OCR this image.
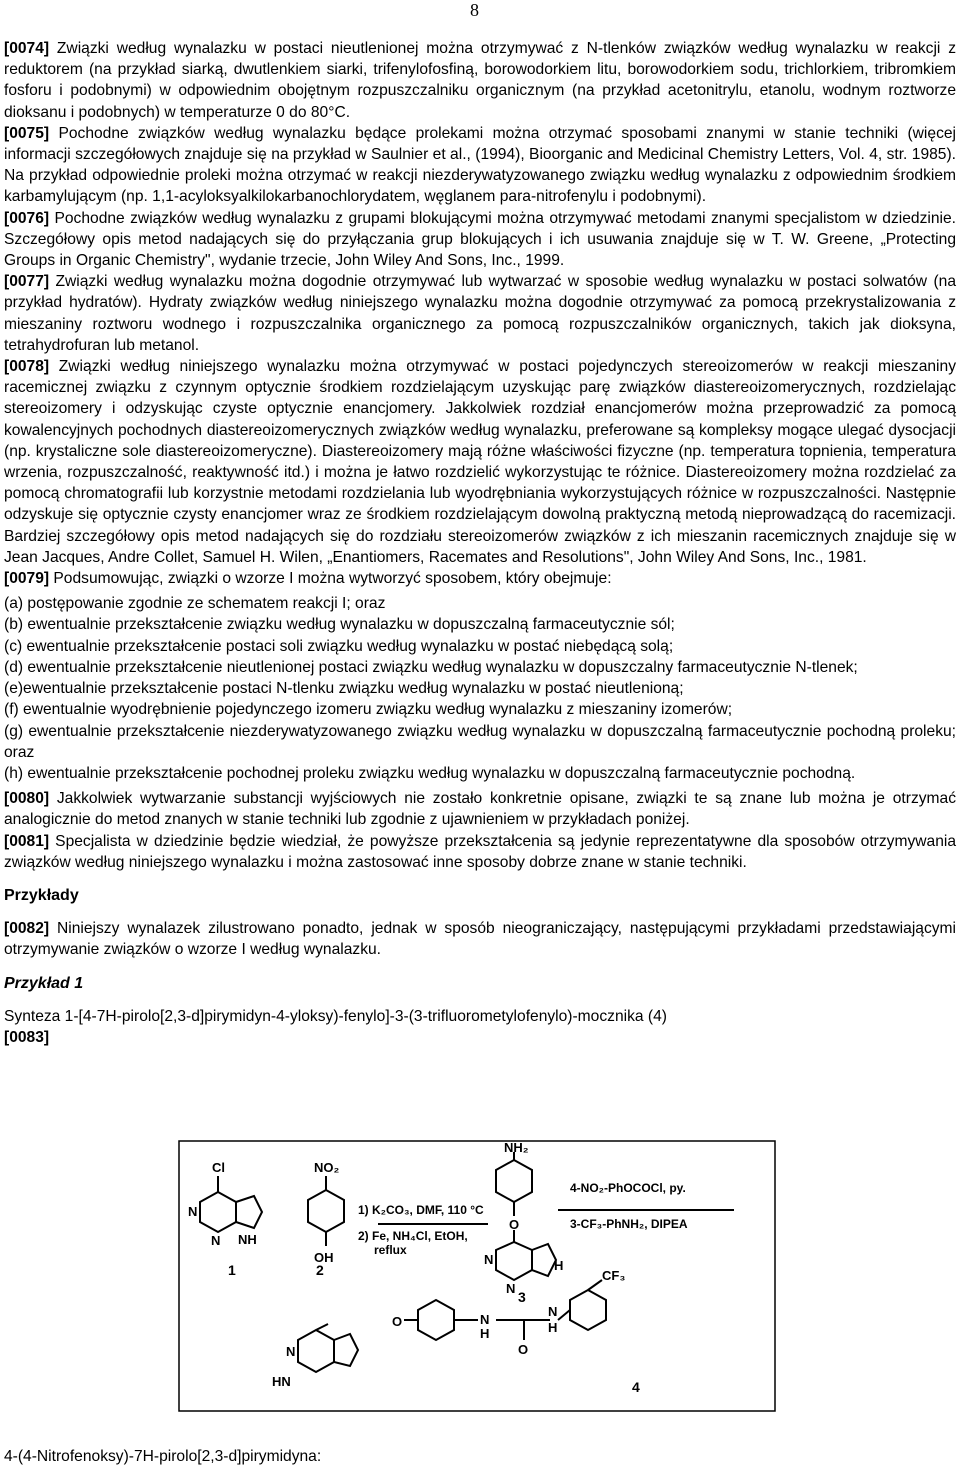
8

[0074] Związki według wynalazku w postaci nieutlenionej można otrzymywać z N-tlenków związków według wynalazku w reakcji z reduktorem (na przykład siarką, dwutlenkiem siarki, trifenylofosfiną, borowodorkiem litu, borowodorkiem sodu, trichlorkiem, tribromkiem fosforu i podobnymi) w odpowiednim obojętnym rozpuszczalniku organicznym (na przykład acetonitrylu, etanolu, wodnym roztworze dioksanu i podobnych) w temperaturze 0 do 80°C.

[0075] Pochodne związków według wynalazku będące prolekami można otrzymać sposobami znanymi w stanie techniki (więcej informacji szczegółowych znajduje się na przykład w Saulnier et al., (1994), Bioorganic and Medicinal Chemistry Letters, Vol. 4, str. 1985). Na przykład odpowiednie proleki można otrzymać w reakcji niezderywatyzowanego związku według wynalazku z odpowiednim środkiem karbamylującym (np. 1,1-acyloksyalkilokarbanochlorydatem, węglanem para-nitrofenylu i podobnymi).

[0076] Pochodne związków według wynalazku z grupami blokującymi można otrzymywać metodami znanymi specjalistom w dziedzinie. Szczegółowy opis metod nadających się do przyłączania grup blokujących i ich usuwania znajduje się w T. W. Greene, „Protecting Groups in Organic Chemistry", wydanie trzecie, John Wiley And Sons, Inc., 1999.

[0077] Związki według wynalazku można dogodnie otrzymywać lub wytwarzać w sposobie według wynalazku w postaci solwatów (na przykład hydratów). Hydraty związków według niniejszego wynalazku można dogodnie otrzymywać za pomocą przekrystalizowania z mieszaniny roztworu wodnego i rozpuszczalnika organicznego za pomocą rozpuszczalników organicznych, takich jak dioksyna, tetrahydrofuran lub metanol.

[0078] Związki według niniejszego wynalazku można otrzymywać w postaci pojedynczych stereoizomerów w reakcji mieszaniny racemicznej związku z czynnym optycznie środkiem rozdzielającym uzyskując parę związków diastereoizomerycznych, rozdzielając stereoizomery i odzyskując czyste optycznie enancjomery. Jakkolwiek rozdział enancjomerów można przeprowadzić za pomocą kowalencyjnych pochodnych diastereoizomerycznych związków według wynalazku, preferowane są kompleksy mogące ulegać dysocjacji (np. krystaliczne sole diastereoizomeryczne). Diastereoizomery mają różne właściwości fizyczne (np. temperatura topnienia, temperatura wrzenia, rozpuszczalność, reaktywność itd.) i można je łatwo rozdzielić wykorzystując te różnice. Diastereoizomery można rozdzielać za pomocą chromatografii lub korzystnie metodami rozdzielania lub wyodrębniania wykorzystujących różnice w rozpuszczalności. Następnie odzyskuje się optycznie czysty enancjomer wraz ze środkiem rozdzielającym dowolną praktyczną metodą nieprowadzącą do racemizacji. Bardziej szczegółowy opis metod nadających się do rozdziału stereoizomerów związków z ich mieszanin racemicznych znajduje się w Jean Jacques, Andre Collet, Samuel H. Wilen, „Enantiomers, Racemates and Resolutions", John Wiley And Sons, Inc., 1981.

[0079] Podsumowując, związki o wzorze I można wytworzyć sposobem, który obejmuje:

(a) postępowanie zgodnie ze schematem reakcji I; oraz

(b) ewentualnie przekształcenie związku według wynalazku w dopuszczalną farmaceutycznie sól;

(c) ewentualnie przekształcenie postaci soli związku według wynalazku w postać niebędącą solą;

(d) ewentualnie przekształcenie nieutlenionej postaci związku według wynalazku w dopuszczalny farmaceutycznie N-tlenek;

(e)ewentualnie przekształcenie postaci N-tlenku związku według wynalazku w postać nieutlenioną;

(f) ewentualnie wyodrębnienie pojedynczego izomeru związku według wynalazku z mieszaniny izomerów;

(g) ewentualnie przekształcenie niezderywatyzowanego związku według wynalazku w dopuszczalną farmaceutycznie pochodną proleku; oraz

(h) ewentualnie przekształcenie pochodnej proleku związku według wynalazku w dopuszczalną farmaceutycznie pochodną.

[0080] Jakkolwiek wytwarzanie substancji wyjściowych nie zostało konkretnie opisane, związki te są znane lub można je otrzymać analogicznie do metod znanych w stanie techniki lub zgodnie z ujawnieniem w przykładach poniżej.

[0081] Specjalista w dziedzinie będzie wiedział, że powyższe przekształcenia są jedynie reprezentatywne dla sposobów otrzymywania związków według niniejszego wynalazku i można zastosować inne sposoby dobrze znane w stanie techniki.

Przykłady

[0082] Niniejszy wynalazek zilustrowano ponadto, jednak w sposób nieograniczający, następującymi przykładami przedstawiającymi otrzymywanie związków o wzorze I według wynalazku.

Przykład 1

Synteza 1-[4-7H-pirolo[2,3-d]pirymidyn-4-yloksy)-fenylo]-3-(3-trifluorometylofenylo)-mocznika (4)

[0083]

Cl
N
N NH
1
NO₂
OH
2
1) K₂CO₃, DMF, 110 °C
2) Fe, NH₄Cl, EtOH,
reflux
NH₂
O
N
N
H
3
4-NO₂-PhOCOCl, py.
3-CF₃-PhNH₂, DIPEA
O
N
HN
N
H
O
N
H
CF₃
4
4-(4-Nitrofenoksy)-7H-pirolo[2,3-d]pirymidyna:
